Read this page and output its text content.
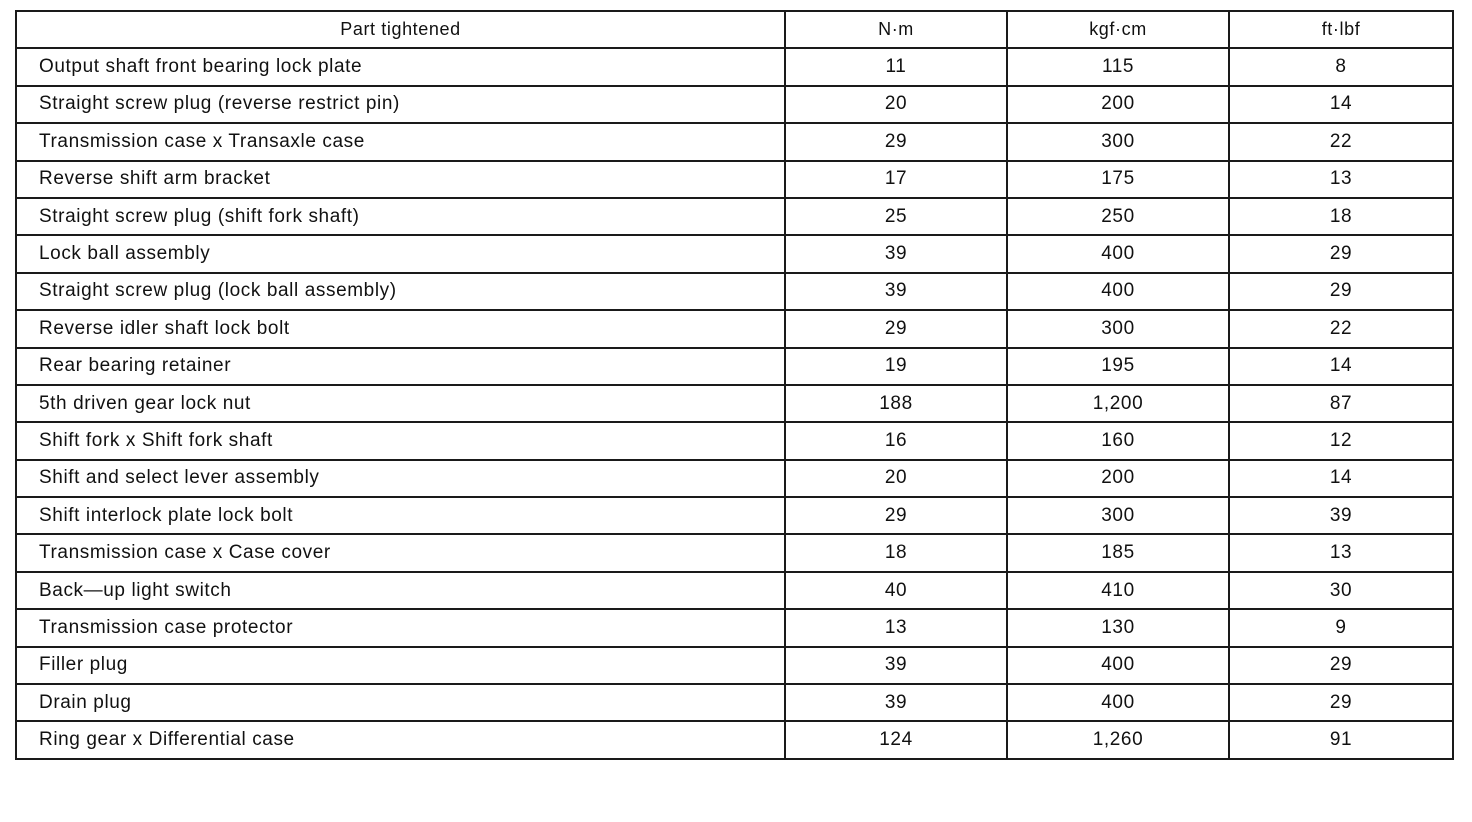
Part tightened	N·m	kgf·cm	ft·lbf
Output shaft front bearing lock plate	11	115	8
Straight screw plug (reverse restrict pin)	20	200	14
Transmission case x Transaxle case	29	300	22
Reverse shift arm bracket	17	175	13
Straight screw plug (shift fork shaft)	25	250	18
Lock ball assembly	39	400	29
Straight screw plug (lock ball assembly)	39	400	29
Reverse idler shaft lock bolt	29	300	22
Rear bearing retainer	19	195	14
5th driven gear lock nut	188	1,200	87
Shift fork x Shift fork shaft	16	160	12
Shift and select lever assembly	20	200	14
Shift interlock plate lock bolt	29	300	39
Transmission case x Case cover	18	185	13
Back—up light switch	40	410	30
Transmission case protector	13	130	9
Filler plug	39	400	29
Drain plug	39	400	29
Ring gear x Differential case	124	1,260	91
